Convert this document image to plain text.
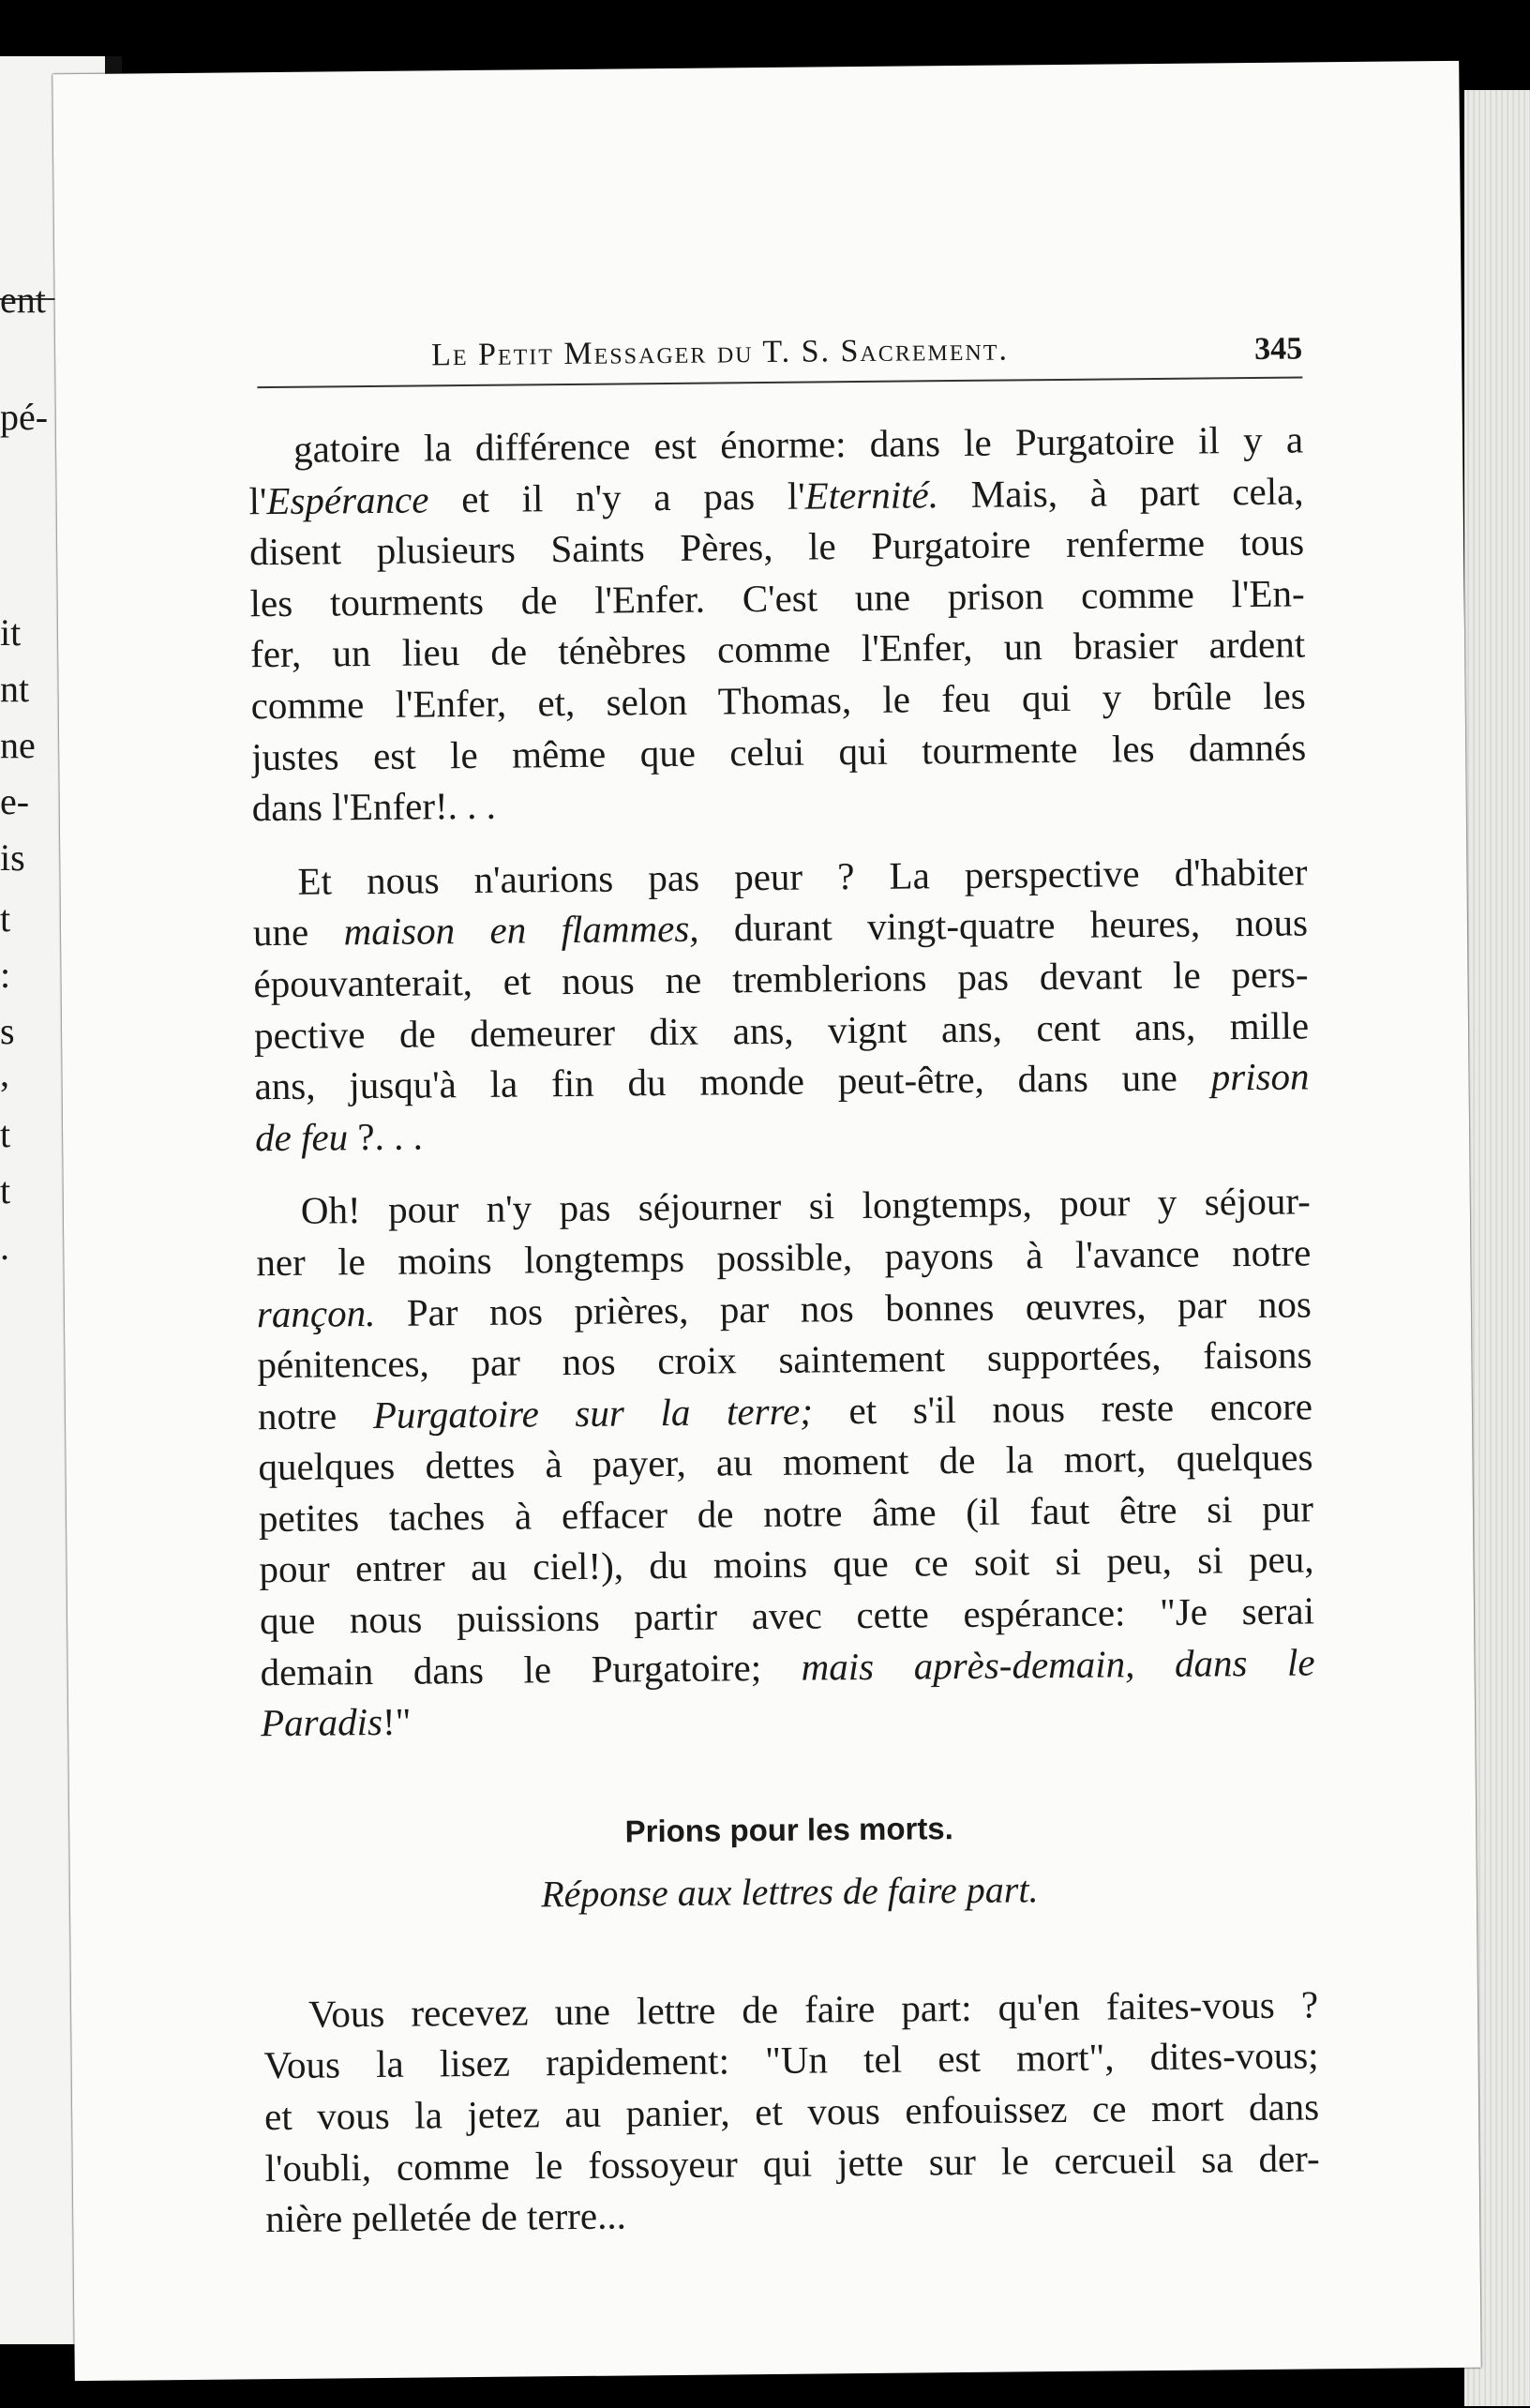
ent
pé-
it
nt
ne
e-
is
t
:
s
,
t
t
.
Le Petit Messager du T. S. Sacrement.	345
gatoire la différence est énorme: dans le Purgatoire il y a
l'Espérance et il n'y a pas l'Eternité. Mais, à part cela,
disent plusieurs Saints Pères, le Purgatoire renferme tous
les tourments de l'Enfer. C'est une prison comme l'En-
fer, un lieu de ténèbres comme l'Enfer, un brasier ardent
comme l'Enfer, et, selon Thomas, le feu qui y brûle les
justes est le même que celui qui tourmente les damnés
dans l'Enfer!. . .
Et nous n'aurions pas peur ? La perspective d'habiter
une maison en flammes, durant vingt-quatre heures, nous
épouvanterait, et nous ne tremblerions pas devant le pers-
pective de demeurer dix ans, vignt ans, cent ans, mille
ans, jusqu'à la fin du monde peut-être, dans une prison
de feu ?. . .
Oh! pour n'y pas séjourner si longtemps, pour y séjour-
ner le moins longtemps possible, payons à l'avance notre
rançon. Par nos prières, par nos bonnes œuvres, par nos
pénitences, par nos croix saintement supportées, faisons
notre Purgatoire sur la terre; et s'il nous reste encore
quelques dettes à payer, au moment de la mort, quelques
petites taches à effacer de notre âme (il faut être si pur
pour entrer au ciel!), du moins que ce soit si peu, si peu,
que nous puissions partir avec cette espérance: "Je serai
demain dans le Purgatoire; mais après-demain, dans le
Paradis!"
Prions pour les morts.
Réponse aux lettres de faire part.
Vous recevez une lettre de faire part: qu'en faites-vous ?
Vous la lisez rapidement: "Un tel est mort", dites-vous;
et vous la jetez au panier, et vous enfouissez ce mort dans
l'oubli, comme le fossoyeur qui jette sur le cercueil sa der-
nière pelletée de terre...
